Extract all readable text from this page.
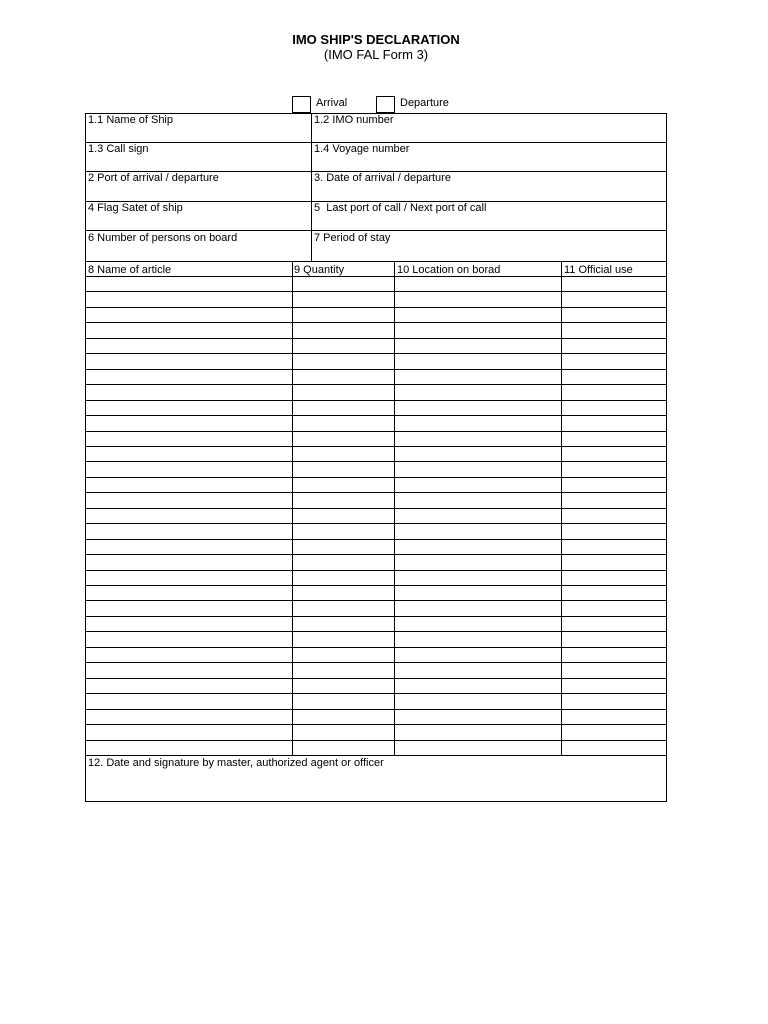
IMO SHIP'S DECLARATION
(IMO FAL Form 3)
Arrival	Departure
1.1 Name of Ship	1.2 IMO number
1.3 Call sign	1.4 Voyage number
2 Port of arrival / departure	3. Date of arrival / departure
4 Flag Satet of ship	5  Last port of call / Next port of call
6 Number of persons on board	7 Period of stay
8 Name of article	9 Quantity	10 Location on borad	11 Official use
12. Date and signature by master, authorized agent or officer
